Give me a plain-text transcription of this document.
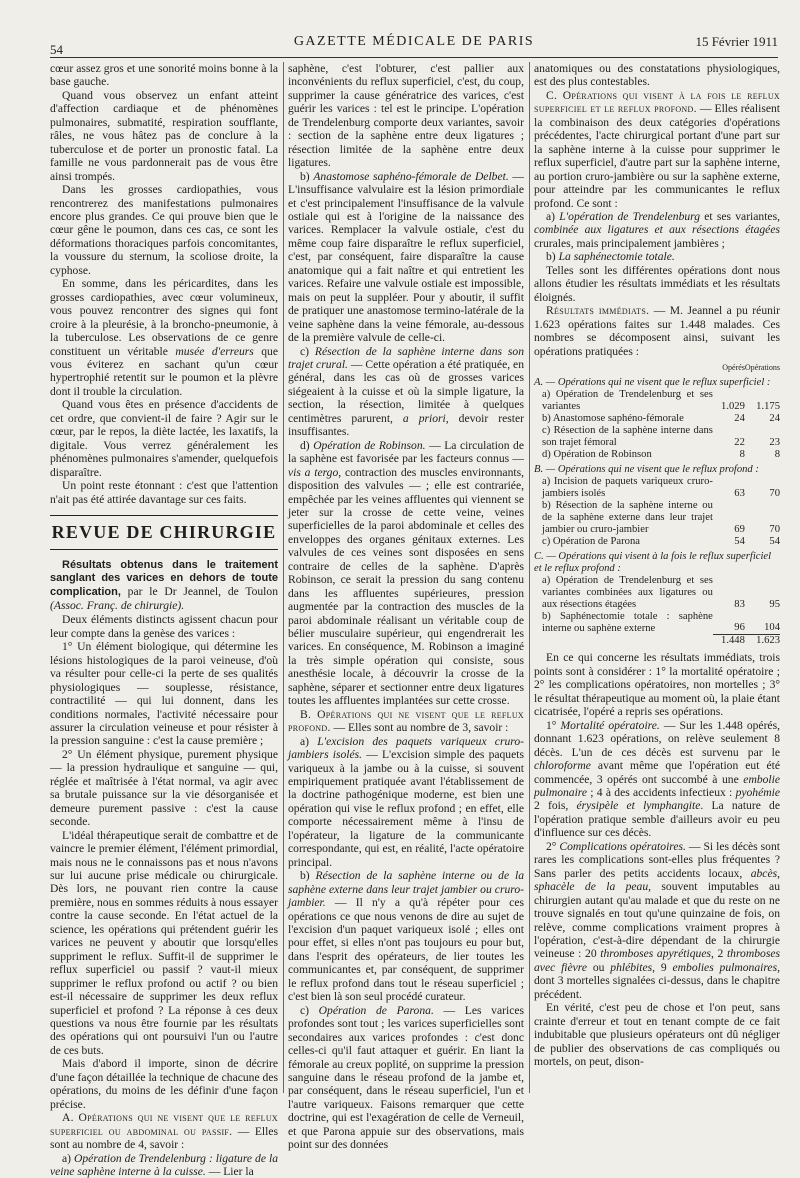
54
GAZETTE MÉDICALE DE PARIS	15 Février 1911

cœur assez gros et une sonorité moins bonne à la base gauche.

Quand vous observez un enfant atteint d'affection cardiaque et de phénomènes pulmonaires, submatité, respiration soufflante, râles, ne vous hâtez pas de conclure à la tuberculose et de porter un pronostic fatal. La famille ne vous pardonnerait pas de vous être ainsi trompés.

Dans les grosses cardiopathies, vous rencontrerez des manifestations pulmonaires encore plus grandes. Ce qui prouve bien que le cœur gêne le poumon, dans ces cas, ce sont les déformations thoraciques parfois concomitantes, la voussure du sternum, la scoliose droite, la cyphose.

En somme, dans les péricardites, dans les grosses cardiopathies, avec cœur volumineux, vous pouvez rencontrer des signes qui font croire à la pleurésie, à la broncho-pneumonie, à la tuberculose. Les observations de ce genre constituent un véritable musée d'erreurs que vous éviterez en sachant qu'un cœur hypertrophié retentit sur le poumon et la plèvre dont il trouble la circulation.

Quand vous êtes en présence d'accidents de cet ordre, que convient-il de faire ? Agir sur le cœur, par le repos, la diète lactée, les laxatifs, la digitale. Vous verrez généralement les phénomènes pulmonaires s'amender, quelquefois disparaître.

Un point reste étonnant : c'est que l'attention n'ait pas été attirée davantage sur ces faits.

REVUE DE CHIRURGIE

Résultats obtenus dans le traitement sanglant des varices en dehors de toute complication, par le Dr Jeannel, de Toulon (Assoc. Franç. de chirurgie).

Deux éléments distincts agissent chacun pour leur compte dans la genèse des varices :

1° Un élément biologique, qui détermine les lésions histologiques de la paroi veineuse, d'où va résulter pour celle-ci la perte de ses qualités physiologiques — souplesse, résistance, contractilité — qui lui donnent, dans les conditions normales, l'activité nécessaire pour assurer la circulation veineuse et pour résister à la pression sanguine : c'est la cause première ;

2° Un élément physique, purement physique — la pression hydraulique et sanguine — qui, réglée et maîtrisée à l'état normal, va agir avec sa brutale puissance sur la vie désorganisée et demeure purement passive : c'est la cause seconde.

L'idéal thérapeutique serait de combattre et de vaincre le premier élément, l'élément primordial, mais nous ne le connaissons pas et nous n'avons sur lui aucune prise médicale ou chirurgicale. Dès lors, ne pouvant rien contre la cause première, nous en sommes réduits à nous essayer contre la cause seconde. En l'état actuel de la science, les opérations qui prétendent guérir les varices ne peuvent y aboutir que lorsqu'elles suppriment le reflux. Suffit-il de supprimer le reflux superficiel ou passif ? vaut-il mieux supprimer le reflux profond ou actif ? ou bien est-il nécessaire de supprimer les deux reflux superficiel et profond ? La réponse à ces deux questions va nous être fournie par les résultats des opérations qui ont poursuivi l'un ou l'autre de ces buts.

Mais d'abord il importe, sinon de décrire d'une façon détaillée la technique de chacune des opérations, du moins de les définir d'une façon précise.

A. Opérations qui ne visent que le reflux superficiel ou abdominal ou passif. — Elles sont au nombre de 4, savoir :

a) Opération de Trendelenburg : ligature de la veine saphène interne à la cuisse. — Lier la

saphène, c'est l'obturer, c'est pallier aux inconvénients du reflux superficiel, c'est, du coup, supprimer la cause génératrice des varices, c'est guérir les varices : tel est le principe. L'opération de Trendelenburg comporte deux variantes, savoir : section de la saphène entre deux ligatures ; résection limitée de la saphène entre deux ligatures.

b) Anastomose saphéno-fémorale de Delbet. — L'insuffisance valvulaire est la lésion primordiale et c'est principalement l'insuffisance de la valvule ostiale qui est à l'origine de la naissance des varices. Remplacer la valvule ostiale, c'est du même coup faire disparaître le reflux superficiel, c'est, par conséquent, faire disparaître la cause anatomique qui a fait naître et qui entretient les varices. Refaire une valvule ostiale est impossible, mais on peut la suppléer. Pour y aboutir, il suffit de pratiquer une anastomose termino-latérale de la veine saphène dans la veine fémorale, au-dessous de la première valvule de celle-ci.

c) Résection de la saphène interne dans son trajet crural. — Cette opération a été pratiquée, en général, dans les cas où de grosses varices siégeaient à la cuisse et où la simple ligature, la section, la résection, limitée à quelques centimètres parurent, a priori, devoir rester insuffisantes.

d) Opération de Robinson. — La circulation de la saphène est favorisée par les facteurs connus — vis a tergo, contraction des muscles environnants, disposition des valvules — ; elle est contrariée, empêchée par les veines affluentes qui viennent se jeter sur la crosse de cette veine, veines superficielles de la paroi abdominale et celles des enveloppes des organes génitaux externes. Les valvules de ces veines sont disposées en sens contraire de celles de la saphène. D'après Robinson, ce serait la pression du sang contenu dans les affluentes supérieures, pression augmentée par la contraction des muscles de la paroi abdominale réalisant un véritable coup de bélier musculaire supérieur, qui engendrerait les varices. En conséquence, M. Robinson a imaginé la très simple opération qui consiste, sous anesthésie locale, à découvrir la crosse de la saphène, séparer et sectionner entre deux ligatures toutes les affluentes implantées sur cette crosse.

B. Opérations qui ne visent que le reflux profond. — Elles sont au nombre de 3, savoir :

a) L'excision des paquets variqueux cruro-jambiers isolés. — L'excision simple des paquets variqueux à la jambe ou à la cuisse, si souvent empiriquement pratiquée avant l'établissement de la doctrine pathogénique moderne, est bien une opération qui vise le reflux profond ; en effet, elle comporte nécessairement même à l'insu de l'opérateur, la ligature de la communicante correspondante, qui est, en réalité, l'acte opératoire principal.

b) Résection de la saphène interne ou de la saphène externe dans leur trajet jambier ou cruro-jambier. — Il n'y a qu'à répéter pour ces opérations ce que nous venons de dire au sujet de l'excision d'un paquet variqueux isolé ; elles ont pour effet, si elles n'ont pas toujours eu pour but, dans l'esprit des opérateurs, de lier toutes les communicantes et, par conséquent, de supprimer le reflux profond dans tout le réseau superficiel ; c'est bien là son seul procédé curateur.

c) Opération de Parona. — Les varices profondes sont tout ; les varices superficielles sont secondaires aux varices profondes : c'est donc celles-ci qu'il faut attaquer et guérir. En liant la fémorale au creux poplité, on supprime la pression sanguine dans le réseau profond de la jambe et, par conséquent, dans le réseau superficiel, l'un et l'autre variqueux. Faisons remarquer que cette doctrine, qui est l'exagération de celle de Verneuil, et que Parona appuie sur des observations, mais point sur des données

anatomiques ou des constatations physiologiques, est des plus contestables.

C. Opérations qui visent à la fois le reflux superficiel et le reflux profond. — Elles réalisent la combinaison des deux catégories d'opérations précédentes, l'acte chirurgical portant d'une part sur la saphène interne à la cuisse pour supprimer le reflux superficiel, d'autre part sur la saphène interne, au portion cruro-jambière ou sur la saphène externe, pour atteindre par les communicantes le reflux profond. Ce sont :

a) L'opération de Trendelenburg et ses variantes, combinée aux ligatures et aux résections étagées crurales, mais principalement jambières ;

b) La saphénectomie totale.

Telles sont les différentes opérations dont nous allons étudier les résultats immédiats et les résultats éloignés.

Résultats immédiats. — M. Jeannel a pu réunir 1.623 opérations faites sur 1.448 malades. Ces nombres se décomposent ainsi, suivant les opérations pratiquées :

	Opérés	Opérations
A. — Opérations qui ne visent que le reflux superficiel :		
a) Opération de Trendelenburg et ses variantes	1.029	1.175
b) Anastomose saphéno-fémorale	24	24
c) Résection de la saphène interne dans son trajet fémoral	22	23
d) Opération de Robinson	8	8
B. — Opérations qui ne visent que le reflux profond :		
a) Incision de paquets variqueux cruro-jambiers isolés	63	70
b) Résection de la saphène interne ou de la saphène externe dans leur trajet jambier ou cruro-jambier	69	70
c) Opération de Parona	54	54
C. — Opérations qui visent à la fois le reflux superficiel et le reflux profond :		
a) Opération de Trendelenburg et ses variantes combinées aux ligatures ou aux résections étagées	83	95
b) Saphénectomie totale : saphène interne ou saphène externe	96	104
	1.448	1.623

En ce qui concerne les résultats immédiats, trois points sont à considérer : 1° la mortalité opératoire ; 2° les complications opératoires, non mortelles ; 3° le résultat thérapeutique au moment où, la plaie étant cicatrisée, l'opéré a repris ses opérations.

1° Mortalité opératoire. — Sur les 1.448 opérés, donnant 1.623 opérations, on relève seulement 8 décès. L'un de ces décès est survenu par le chloroforme avant même que l'opération eut été commencée, 3 opérés ont succombé à une embolie pulmonaire ; 4 à des accidents infectieux : pyohémie 2 fois, érysipèle et lymphangite. La nature de l'opération pratique semble d'ailleurs avoir eu peu d'influence sur ces décès.

2° Complications opératoires. — Si les décès sont rares les complications sont-elles plus fréquentes ? Sans parler des petits accidents locaux, abcès, sphacèle de la peau, souvent imputables au chirurgien autant qu'au malade et que du reste on ne trouve signalés en tout qu'une quinzaine de fois, on relève, comme complications vraiment propres à l'opération, c'est-à-dire dépendant de la chirurgie veineuse : 20 thromboses apyrétiques, 2 thromboses avec fièvre ou phlébites, 9 embolies pulmonaires, dont 3 mortelles signalées ci-dessus, dans le chapitre précédent.

En vérité, c'est peu de chose et l'on peut, sans crainte d'erreur et tout en tenant compte de ce fait indubitable que plusieurs opérateurs ont dû négliger de publier des observations de cas compliqués ou mortels, on peut, dison-
